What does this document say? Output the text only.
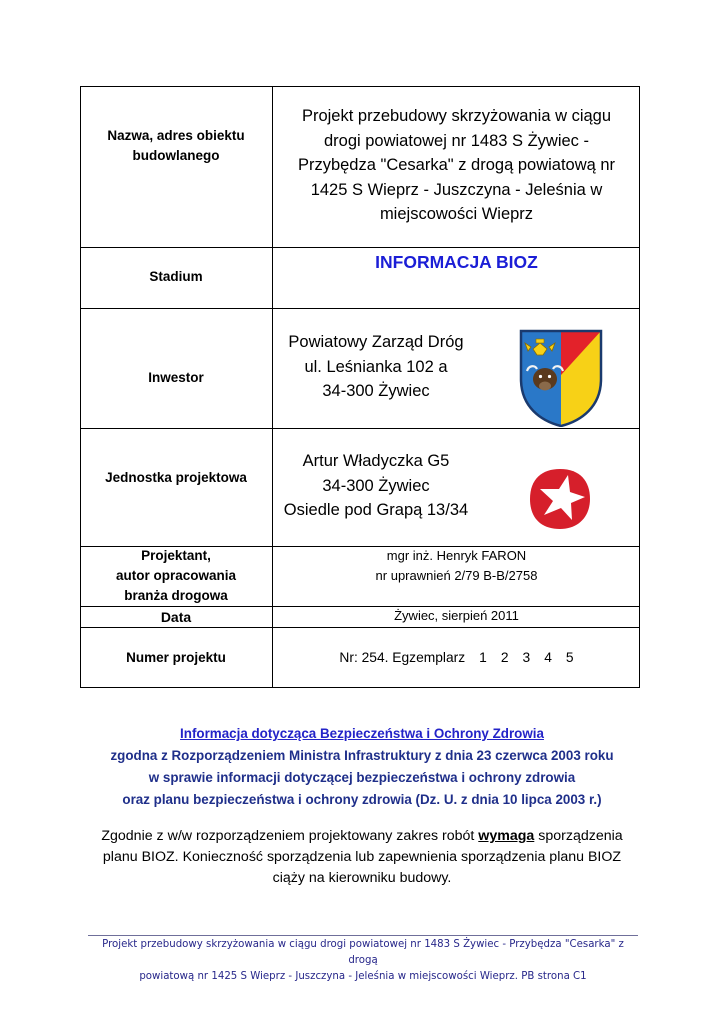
Nazwa, adres obiektu
budowlanego
Projekt przebudowy skrzyżowania w ciągu
drogi powiatowej nr 1483 S Żywiec -
Przybędza "Cesarka" z drogą powiatową nr
1425 S Wieprz - Juszczyna - Jeleśnia w
miejscowości Wieprz
Stadium
INFORMACJA BIOZ
Inwestor
Powiatowy Zarząd Dróg
ul. Leśnianka 102 a
34-300 Żywiec
Jednostka projektowa
Artur Władyczka G5
34-300 Żywiec
Osiedle pod Grapą 13/34
Projektant,
autor opracowania
branża drogowa
mgr inż. Henryk FARON
nr uprawnień 2/79 B-B/2758
Data	Żywiec, sierpień 2011
Numer projektu	Nr: 254. Egzemplarz 1 2 3 4 5
Informacja dotycząca Bezpieczeństwa i Ochrony Zdrowia
zgodna z Rozporządzeniem Ministra Infrastruktury z dnia 23 czerwca 2003 roku
w sprawie informacji dotyczącej bezpieczeństwa i ochrony zdrowia
oraz planu bezpieczeństwa i ochrony zdrowia (Dz. U. z dnia 10 lipca 2003 r.)
Zgodnie z w/w rozporządzeniem projektowany zakres robót wymaga sporządzenia
planu BIOZ. Konieczność sporządzenia lub zapewnienia sporządzenia planu BIOZ
ciąży na kierowniku budowy.
Projekt przebudowy skrzyżowania w ciągu drogi powiatowej nr 1483 S Żywiec - Przybędza "Cesarka" z drogą
powiatową nr 1425 S Wieprz - Juszczyna - Jeleśnia w miejscowości Wieprz. PB strona C1
